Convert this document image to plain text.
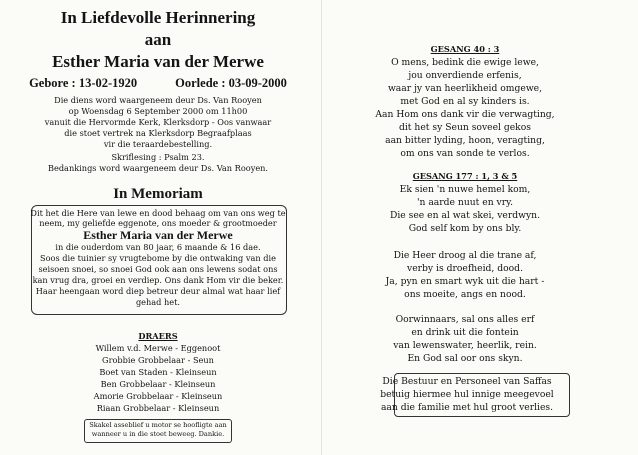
In Liefdevolle Herinnering
aan
Esther Maria van der Merwe
Gebore : 13-02-1920	Oorlede : 03-09-2000
Die diens word waargeneem deur Ds. Van Rooyen
op Woensdag 6 September 2000 om 11h00
vanuit die Hervormde Kerk, Klerksdorp - Oos vanwaar
die stoet vertrek na Klerksdorp Begraafplaas
vir die teraardebestelling.
Skriflesing : Psalm 23.
Bedankings word waargeneem deur Ds. Van Rooyen.
In Memoriam
Dit het die Here van lewe en dood behaag om van ons weg te
neem, my geliefde eggenote, ons moeder & grootmoeder
Esther Maria van der Merwe
in die ouderdom van 80 jaar, 6 maande & 16 dae.
Soos die tuinier sy vrugtebome by die ontwaking van die
seisoen snoei, so snoei God ook aan ons lewens sodat ons
kan vrug dra, groei en verdiep. Ons dank Hom vir die beker.
Haar heengaan word diep betreur deur almal wat haar lief
gehad het.
DRAERS
Willem v.d. Merwe - Eggenoot
Grobbie Grobbelaar - Seun
Boet van Staden - Kleinseun
Ben Grobbelaar - Kleinseun
Amorie Grobbelaar - Kleinseun
Riaan Grobbelaar - Kleinseun
Skakel asseblief u motor se hoofligte aan
wanneer u in die stoet beweeg. Dankie.
GESANG 40 : 3
O mens, bedink die ewige lewe,
jou onverdiende erfenis,
waar jy van heerlikheid omgewe,
met God en al sy kinders is.
Aan Hom ons dank vir die verwagting,
dit het sy Seun soveel gekos
aan bitter lyding, hoon, veragting,
om ons van sonde te verlos.
GESANG 177 : 1, 3 & 5
Ek sien 'n nuwe hemel kom,
'n aarde nuut en vry.
Die see en al wat skei, verdwyn.
God self kom by ons bly.
Die Heer droog al die trane af,
verby is droefheid, dood.
Ja, pyn en smart wyk uit die hart -
ons moeite, angs en nood.
Oorwinnaars, sal ons alles erf
en drink uit die fontein
van lewenswater, heerlik, rein.
En God sal oor ons skyn.
Die Bestuur en Personeel van Saffas
betuig hiermee hul innige meegevoel
aan die familie met hul groot verlies.
